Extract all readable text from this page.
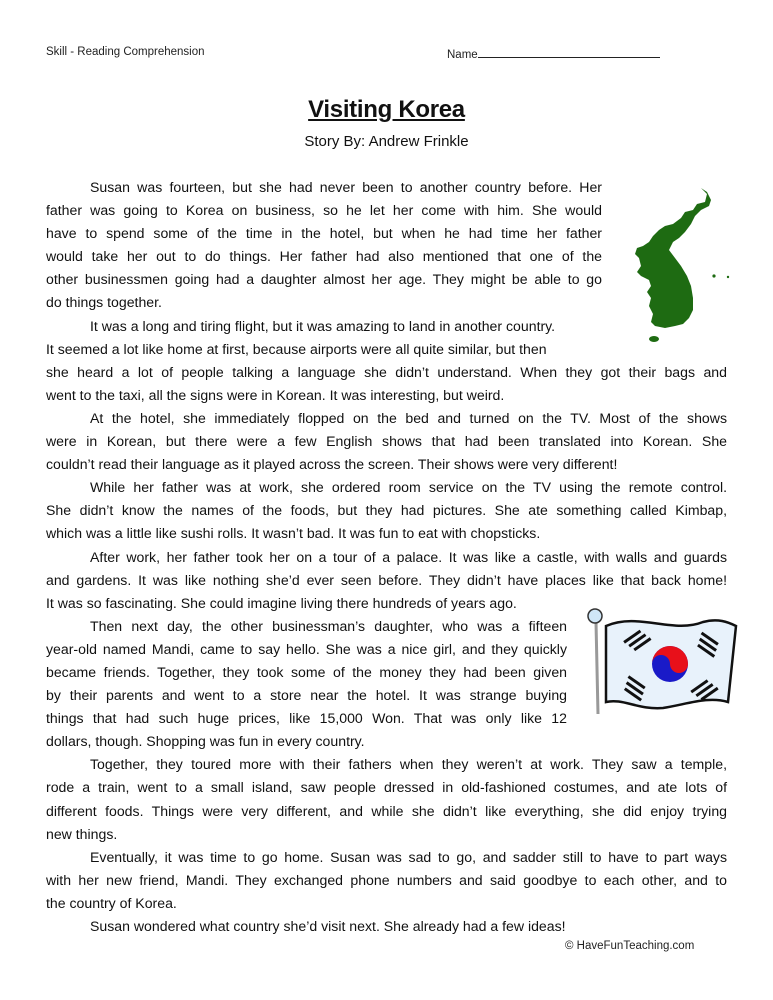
Skill - Reading Comprehension	Name
Visiting Korea
Story By: Andrew Frinkle
Susan was fourteen, but she had never been to another country before. Her
father was going to Korea on business, so he let her come with him. She would
have to spend some of the time in the hotel, but when he had time her father
would take her out to do things. Her father had also mentioned that one of the
other businessmen going had a daughter almost her age. They might be able to go
do things together.
It was a long and tiring flight, but it was amazing to land in another country.
It seemed a lot like home at first, because airports were all quite similar, but then
she heard a lot of people talking a language she didn’t understand. When they got their bags and
went to the taxi, all the signs were in Korean. It was interesting, but weird.
At the hotel, she immediately flopped on the bed and turned on the TV. Most of the shows
were in Korean, but there were a few English shows that had been translated into Korean. She
couldn’t read their language as it played across the screen. Their shows were very different!
While her father was at work, she ordered room service on the TV using the remote control.
She didn’t know the names of the foods, but they had pictures. She ate something called Kimbap,
which was a little like sushi rolls. It wasn’t bad. It was fun to eat with chopsticks.
After work, her father took her on a tour of a palace. It was like a castle, with walls and guards
and gardens. It was like nothing she’d ever seen before. They didn’t have places like that back home!
It was so fascinating. She could imagine living there hundreds of years ago.
Then next day, the other businessman’s daughter, who was a fifteen
year-old named Mandi, came to say hello. She was a nice girl, and they quickly
became friends. Together, they took some of the money they had been given
by their parents and went to a store near the hotel. It was strange buying
things that had such huge prices, like 15,000 Won. That was only like 12
dollars, though. Shopping was fun in every country.
Together, they toured more with their fathers when they weren’t at work. They saw a temple,
rode a train, went to a small island, saw people dressed in old-fashioned costumes, and ate lots of
different foods. Things were very different, and while she didn’t like everything, she did enjoy trying
new things.
Eventually, it was time to go home. Susan was sad to go, and sadder still to have to part ways
with her new friend, Mandi. They exchanged phone numbers and said goodbye to each other, and to
the country of Korea.
Susan wondered what country she’d visit next. She already had a few ideas!
© HaveFunTeaching.com
